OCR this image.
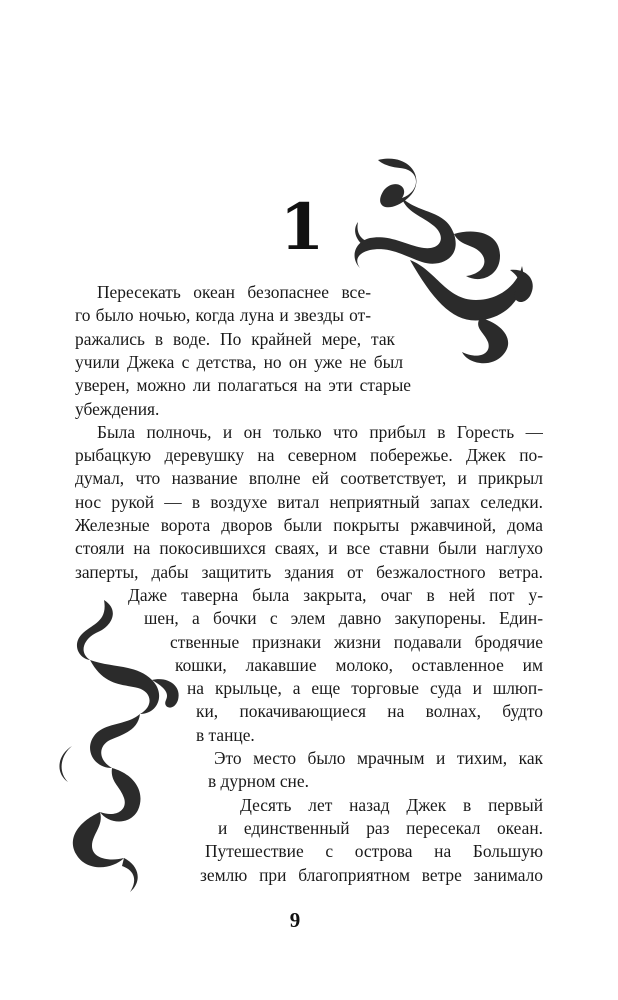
1
Пересекать океан безопаснее все-
го было ночью, когда луна и звезды от-
ражались в воде. По крайней мере, так
учили Джека с детства, но он уже не был
уверен, можно ли полагаться на эти старые
убеждения.
Была полночь, и он только что прибыл в Горесть —
рыбацкую деревушку на северном побережье. Джек по-
думал, что название вполне ей соответствует, и прикрыл
нос рукой — в воздухе витал неприятный запах селедки.
Железные ворота дворов были покрыты ржавчиной, дома
стояли на покосившихся сваях, и все ставни были наглухо
заперты, дабы защитить здания от безжалостного ветра.
Даже таверна была закрыта, очаг в ней пот у-
шен, а бочки с элем давно закупорены. Един-
ственные признаки жизни подавали бродячие
кошки, лакавшие молоко, оставленное им
на крыльце, а еще торговые суда и шлюп-
ки, покачивающиеся на волнах, будто
в танце.
Это место было мрачным и тихим, как
в дурном сне.
Десять лет назад Джек в первый
и единственный раз пересекал океан.
Путешествие с острова на Большую
землю при благоприятном ветре занимало
9
